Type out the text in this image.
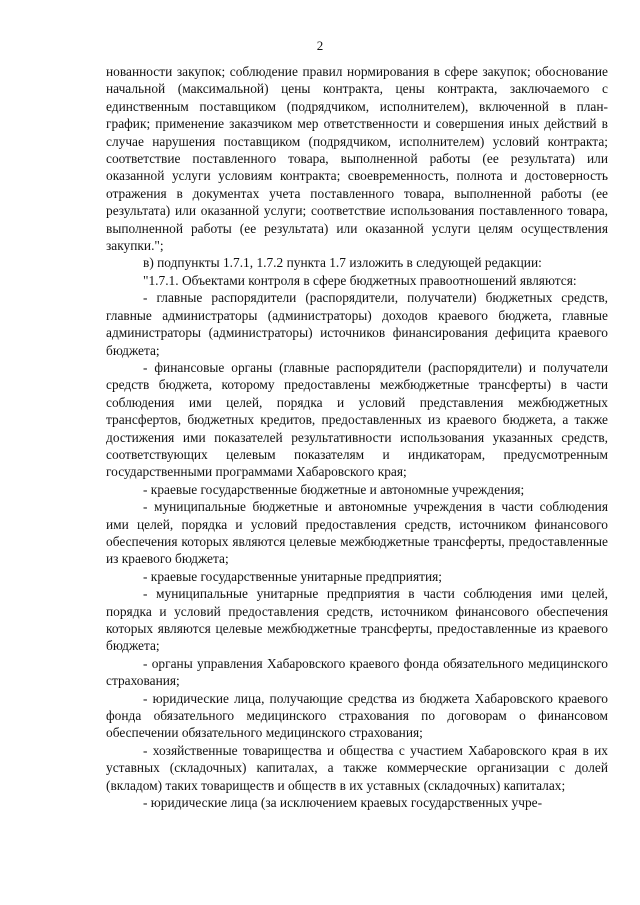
2

нованности закупок; соблюдение правил нормирования в сфере закупок; обоснование начальной (максимальной) цены контракта, цены контракта, заключаемого с единственным поставщиком (подрядчиком, исполнителем), включенной в план-график; применение заказчиком мер ответственности и совершения иных действий в случае нарушения поставщиком (подрядчиком, исполнителем) условий контракта; соответствие поставленного товара, выполненной работы (ее результата) или оказанной услуги условиям контракта; своевременность, полнота и достоверность отражения в документах учета поставленного товара, выполненной работы (ее результата) или оказанной услуги; соответствие использования поставленного товара, выполненной работы (ее результата) или оказанной услуги целям осуществления закупки.";

в) подпункты 1.7.1, 1.7.2 пункта 1.7 изложить в следующей редакции:

"1.7.1. Объектами контроля в сфере бюджетных правоотношений являются:

- главные распорядители (распорядители, получатели) бюджетных средств, главные администраторы (администраторы) доходов краевого бюджета, главные администраторы (администраторы) источников финансирования дефицита краевого бюджета;

- финансовые органы (главные распорядители (распорядители) и получатели средств бюджета, которому предоставлены межбюджетные трансферты) в части соблюдения ими целей, порядка и условий представления межбюджетных трансфертов, бюджетных кредитов, предоставленных из краевого бюджета, а также достижения ими показателей результативности использования указанных средств, соответствующих целевым показателям и индикаторам, предусмотренным государственными программами Хабаровского края;

- краевые государственные бюджетные и автономные учреждения;

- муниципальные бюджетные и автономные учреждения в части соблюдения ими целей, порядка и условий предоставления средств, источником финансового обеспечения которых являются целевые межбюджетные трансферты, предоставленные из краевого бюджета;

- краевые государственные унитарные предприятия;

- муниципальные унитарные предприятия в части соблюдения ими целей, порядка и условий предоставления средств, источником финансового обеспечения которых являются целевые межбюджетные трансферты, предоставленные из краевого бюджета;

- органы управления Хабаровского краевого фонда обязательного медицинского страхования;

- юридические лица, получающие средства из бюджета Хабаровского краевого фонда обязательного медицинского страхования по договорам о финансовом обеспечении обязательного медицинского страхования;

- хозяйственные товарищества и общества с участием Хабаровского края в их уставных (складочных) капиталах, а также коммерческие организации с долей (вкладом) таких товариществ и обществ в их уставных (складочных) капиталах;

- юридические лица (за исключением краевых государственных учре-
